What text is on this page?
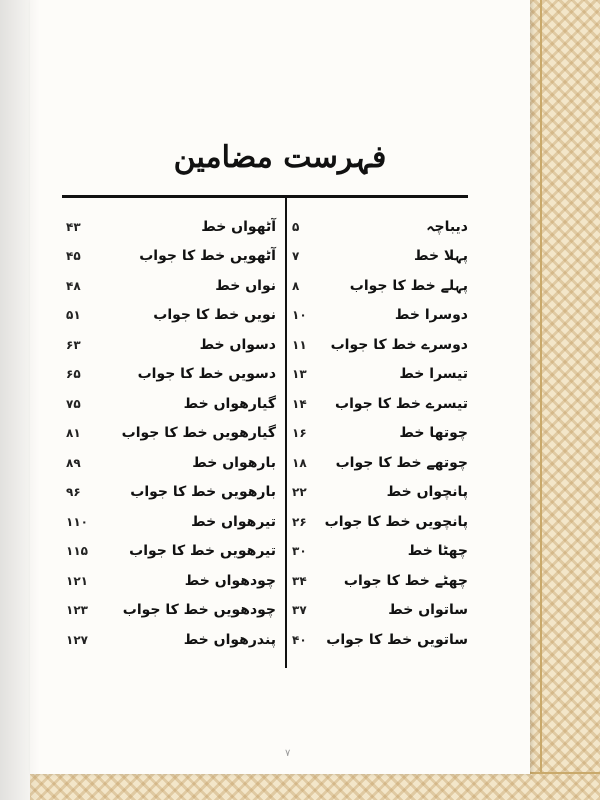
فہرست مضامین
دیباچہ
۵
پہلا خط
۷
پہلے خط کا جواب
۸
دوسرا خط
۱۰
دوسرے خط کا جواب
۱۱
تیسرا خط
۱۳
تیسرے خط کا جواب
۱۴
چوتھا خط
۱۶
چوتھے خط کا جواب
۱۸
پانچواں خط
۲۲
پانچویں خط کا جواب
۲۶
چھٹا خط
۳۰
چھٹے خط کا جواب
۳۴
ساتواں خط
۳۷
ساتویں خط کا جواب
۴۰
آٹھواں خط
۴۳
آٹھویں خط کا جواب
۴۵
نواں خط
۴۸
نویں خط کا جواب
۵۱
دسواں خط
۶۳
دسویں خط کا جواب
۶۵
گیارھواں خط
۷۵
گیارھویں خط کا جواب
۸۱
بارھواں خط
۸۹
بارھویں خط کا جواب
۹۶
تیرھواں خط
۱۱۰
تیرھویں خط کا جواب
۱۱۵
چودھواں خط
۱۲۱
چودھویں خط کا جواب
۱۲۳
پندرھواں خط
۱۲۷
۷
